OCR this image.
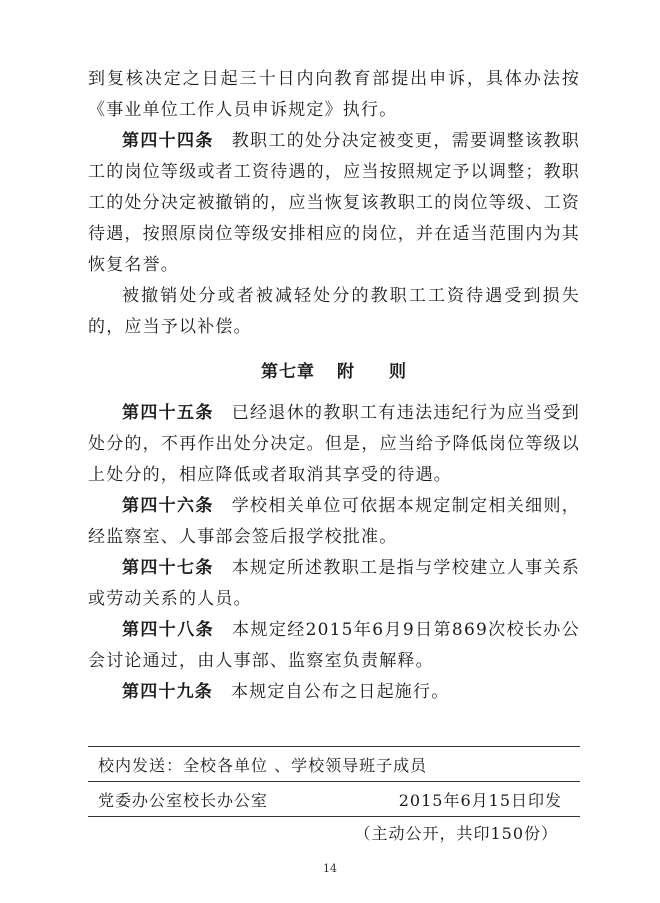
到复核决定之日起三十日内向教育部提出申诉，具体办法按《事业单位工作人员申诉规定》执行。

第四十四条 教职工的处分决定被变更，需要调整该教职工的岗位等级或者工资待遇的，应当按照规定予以调整；教职工的处分决定被撤销的，应当恢复该教职工的岗位等级、工资待遇，按照原岗位等级安排相应的岗位，并在适当范围内为其恢复名誉。

被撤销处分或者被减轻处分的教职工工资待遇受到损失的，应当予以补偿。

第七章 附 则

第四十五条 已经退休的教职工有违法违纪行为应当受到处分的，不再作出处分决定。但是，应当给予降低岗位等级以上处分的，相应降低或者取消其享受的待遇。

第四十六条 学校相关单位可依据本规定制定相关细则，经监察室、人事部会签后报学校批准。

第四十七条 本规定所述教职工是指与学校建立人事关系或劳动关系的人员。

第四十八条 本规定经2015年6月9日第869次校长办公会讨论通过，由人事部、监察室负责解释。

第四十九条 本规定自公布之日起施行。

校内发送：全校各单位 、学校领导班子成员
党委办公室校长办公室	2015年6月15日印发
（主动公开，共印150份）
14
